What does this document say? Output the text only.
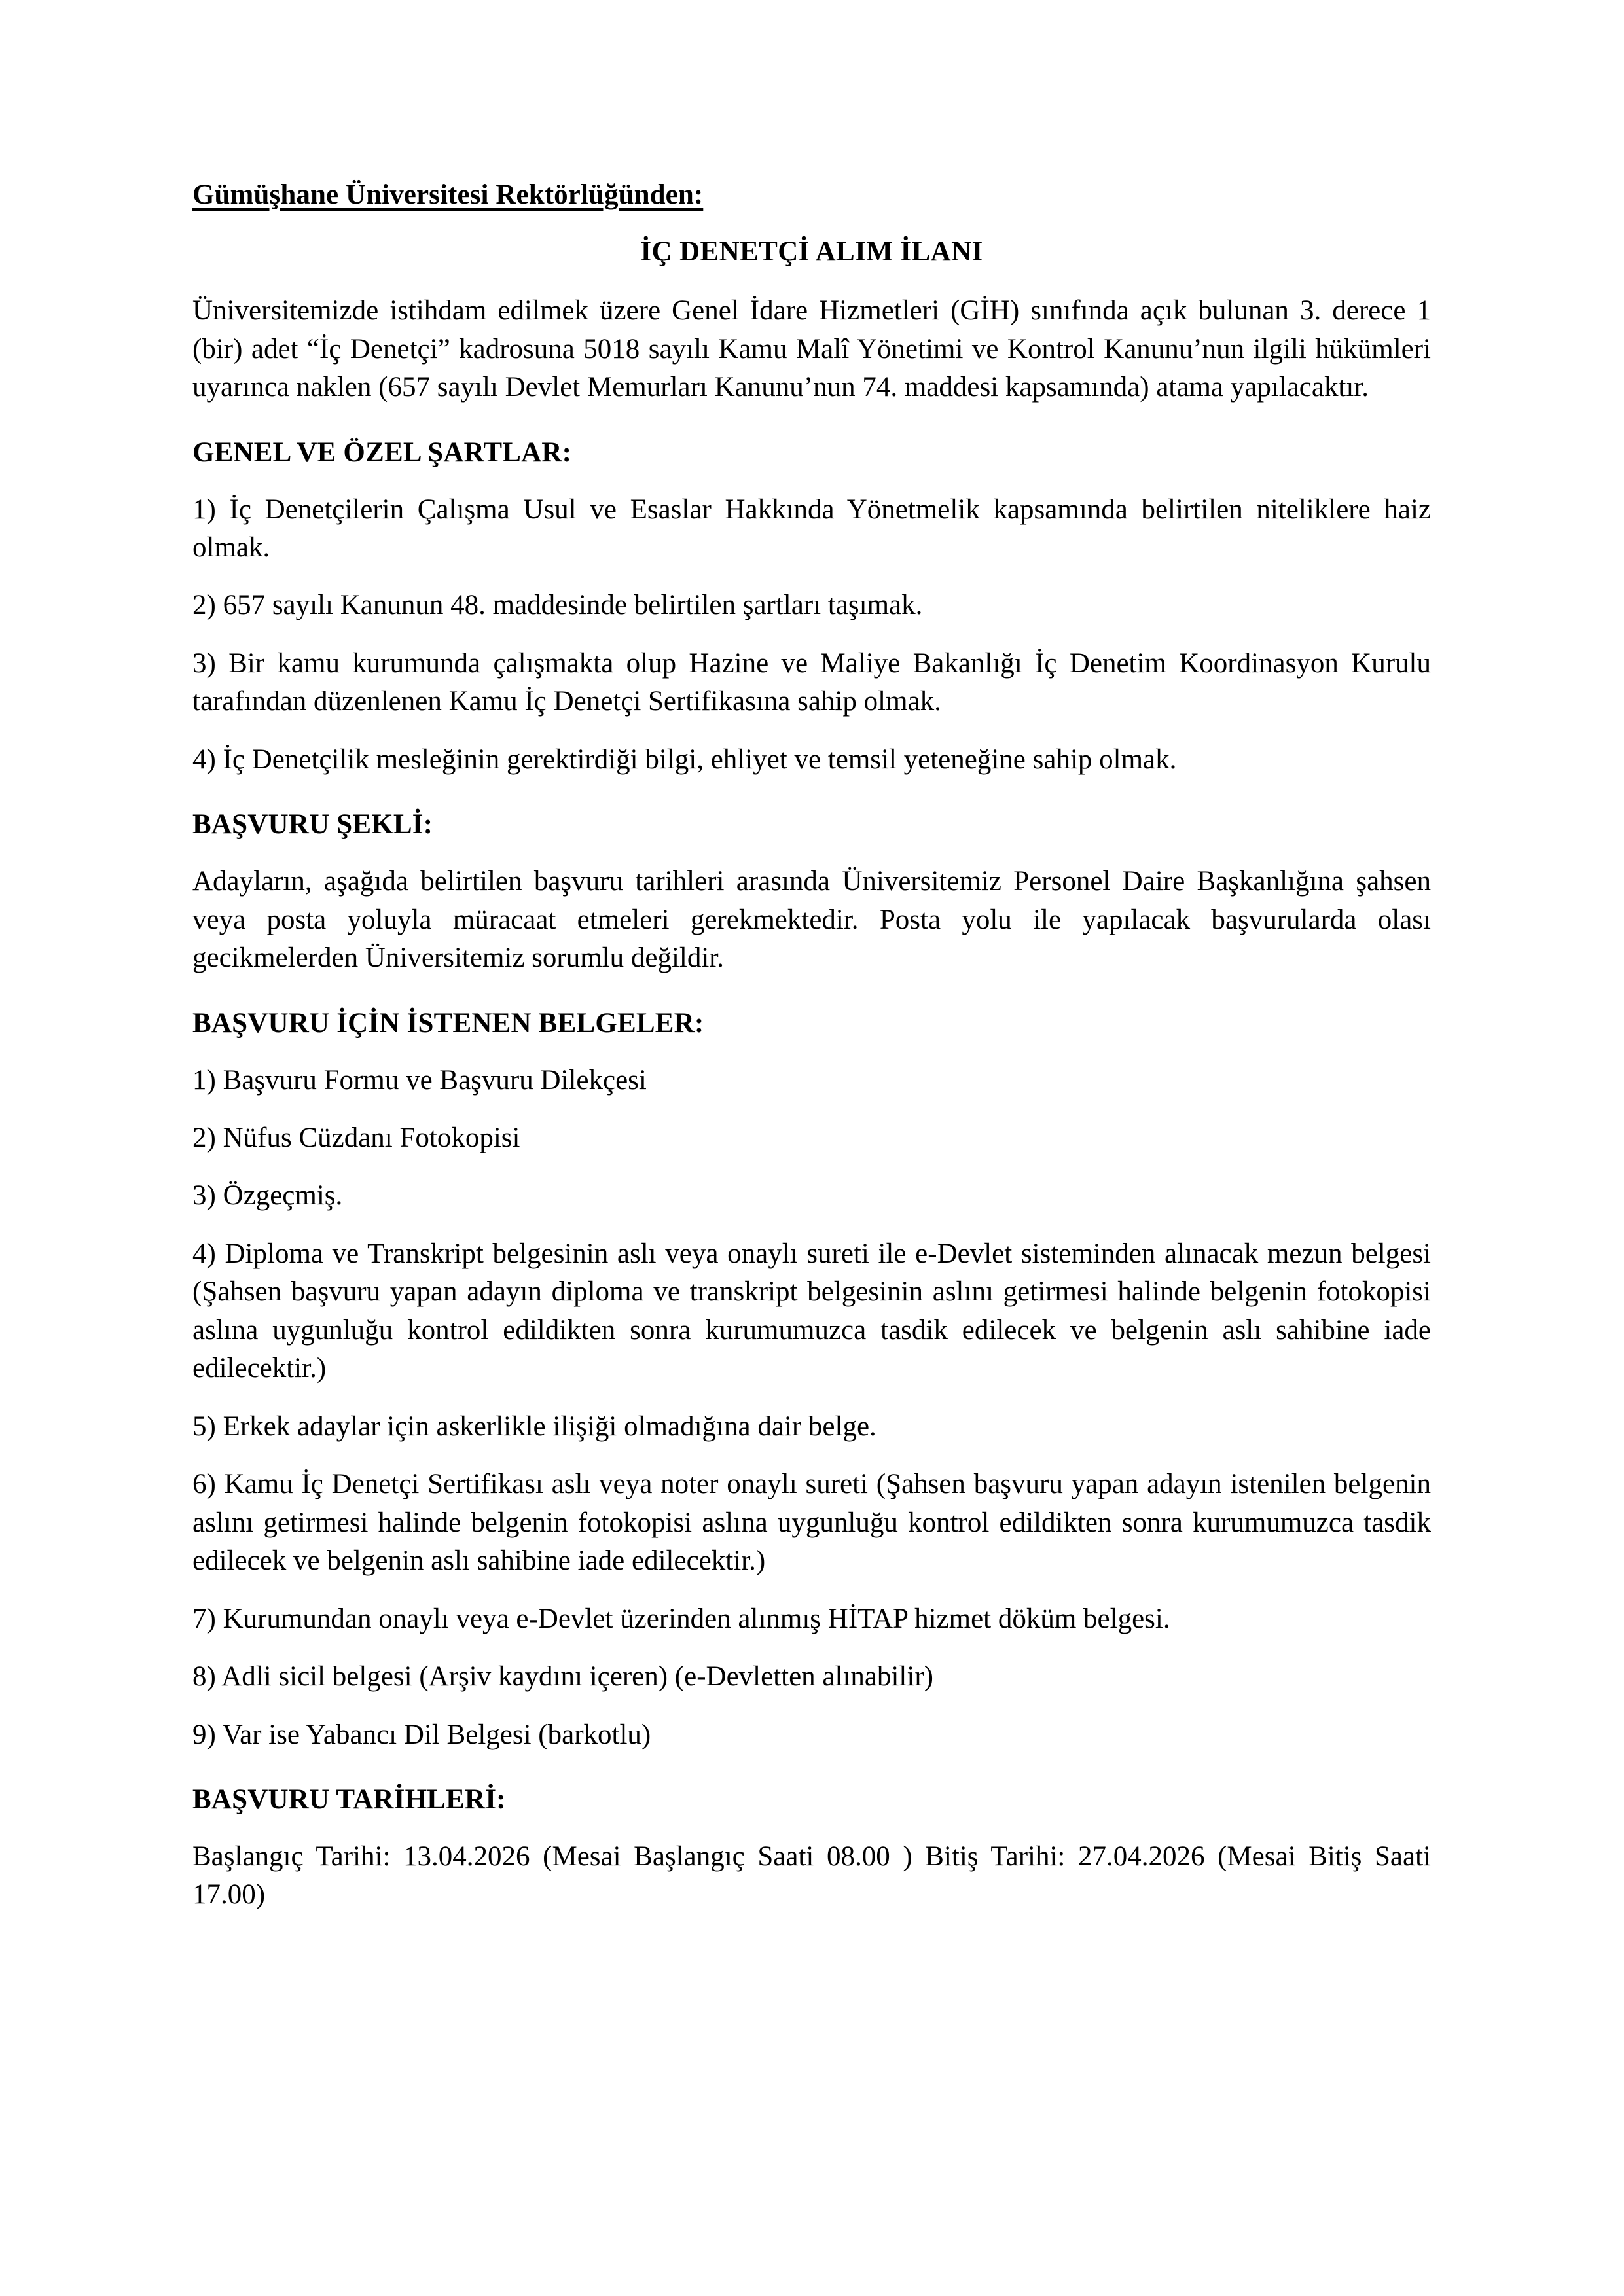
Gümüşhane Üniversitesi Rektörlüğünden:

İÇ DENETÇİ ALIM İLANI

Üniversitemizde istihdam edilmek üzere Genel İdare Hizmetleri (GİH) sınıfında açık bulunan 3. derece 1 (bir) adet “İç Denetçi” kadrosuna 5018 sayılı Kamu Malî Yönetimi ve Kontrol Kanunu’nun ilgili hükümleri uyarınca naklen (657 sayılı Devlet Memurları Kanunu’nun 74. maddesi kapsamında) atama yapılacaktır.

GENEL VE ÖZEL ŞARTLAR:

1) İç Denetçilerin Çalışma Usul ve Esaslar Hakkında Yönetmelik kapsamında belirtilen niteliklere haiz olmak.

2) 657 sayılı Kanunun 48. maddesinde belirtilen şartları taşımak.

3) Bir kamu kurumunda çalışmakta olup Hazine ve Maliye Bakanlığı İç Denetim Koordinasyon Kurulu tarafından düzenlenen Kamu İç Denetçi Sertifikasına sahip olmak.

4) İç Denetçilik mesleğinin gerektirdiği bilgi, ehliyet ve temsil yeteneğine sahip olmak.

BAŞVURU ŞEKLİ:

Adayların, aşağıda belirtilen başvuru tarihleri arasında Üniversitemiz Personel Daire Başkanlığına şahsen veya posta yoluyla müracaat etmeleri gerekmektedir. Posta yolu ile yapılacak başvurularda olası gecikmelerden Üniversitemiz sorumlu değildir.

BAŞVURU İÇİN İSTENEN BELGELER:

1) Başvuru Formu ve Başvuru Dilekçesi

2) Nüfus Cüzdanı Fotokopisi

3) Özgeçmiş.

4) Diploma ve Transkript belgesinin aslı veya onaylı sureti ile e-Devlet sisteminden alınacak mezun belgesi (Şahsen başvuru yapan adayın diploma ve transkript belgesinin aslını getirmesi halinde belgenin fotokopisi aslına uygunluğu kontrol edildikten sonra kurumumuzca tasdik edilecek ve belgenin aslı sahibine iade edilecektir.)

5) Erkek adaylar için askerlikle ilişiği olmadığına dair belge.

6) Kamu İç Denetçi Sertifikası aslı veya noter onaylı sureti (Şahsen başvuru yapan adayın istenilen belgenin aslını getirmesi halinde belgenin fotokopisi aslına uygunluğu kontrol edildikten sonra kurumumuzca tasdik edilecek ve belgenin aslı sahibine iade edilecektir.)

7) Kurumundan onaylı veya e-Devlet üzerinden alınmış HİTAP hizmet döküm belgesi.

8) Adli sicil belgesi (Arşiv kaydını içeren) (e-Devletten alınabilir)

9) Var ise Yabancı Dil Belgesi (barkotlu)

BAŞVURU TARİHLERİ:

Başlangıç Tarihi: 13.04.2026 (Mesai Başlangıç Saati 08.00 ) Bitiş Tarihi: 27.04.2026 (Mesai Bitiş Saati 17.00)
